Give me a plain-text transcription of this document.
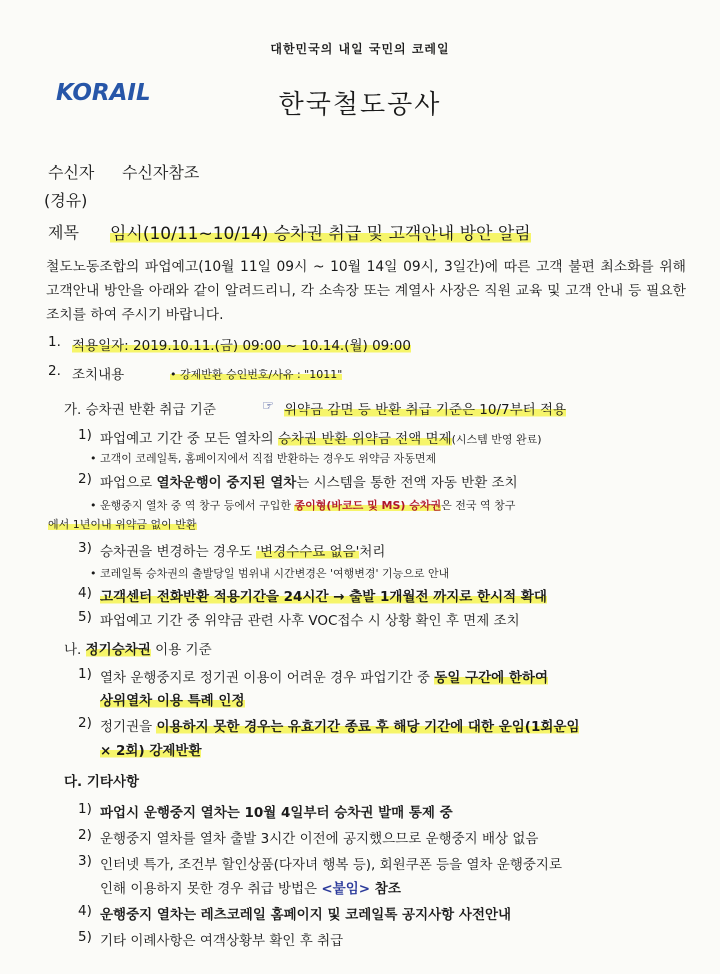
대한민국의 내일 국민의 코레일
KORAIL	한국철도공사
수신자 수신자참조
(경유)
제목 임시(10/11~10/14) 승차권 취급 및 고객안내 방안 알림
철도노동조합의 파업예고(10월 11일 09시 ~ 10월 14일 09시, 3일간)에 따른 고객 불편 최소화를 위해 고객안내 방안을 아래와 같이 알려드리니, 각 소속장 또는 계열사 사장은 직원 교육 및 고객 안내 등 필요한 조치를 하여 주시기 바랍니다.
1. 적용일자: 2019.10.11.(금) 09:00 ~ 10.14.(월) 09:00
2. 조치내용	• 강제반환 승인번호/사유 : "1011"
가. 승차권 반환 취급 기준	☞ 위약금 감면 등 반환 취급 기준은 10/7부터 적용
1) 파업예고 기간 중 모든 열차의 승차권 반환 위약금 전액 면제(시스템 반영 완료)
• 고객이 코레일톡, 홈페이지에서 직접 반환하는 경우도 위약금 자동면제
2) 파업으로 열차운행이 중지된 열차는 시스템을 통한 전액 자동 반환 조치
• 운행중지 열차 중 역 창구 등에서 구입한 종이형(바코드 및 MS) 승차권은 전국 역 창구
에서 1년이내 위약금 없이 반환
3) 승차권을 변경하는 경우도 '변경수수료 없음'처리
• 코레일톡 승차권의 출발당일 범위내 시간변경은 '여행변경' 기능으로 안내
4) 고객센터 전화반환 적용기간을 24시간 → 출발 1개월전 까지로 한시적 확대
5) 파업예고 기간 중 위약금 관련 사후 VOC접수 시 상황 확인 후 면제 조치
나. 정기승차권 이용 기준
1) 열차 운행중지로 정기권 이용이 어려운 경우 파업기간 중 동일 구간에 한하여
상위열차 이용 특례 인정
2) 정기권을 이용하지 못한 경우는 유효기간 종료 후 해당 기간에 대한 운임(1회운임
× 2회) 강제반환
다. 기타사항
1) 파업시 운행중지 열차는 10월 4일부터 승차권 발매 통제 중
2) 운행중지 열차를 열차 출발 3시간 이전에 공지했으므로 운행중지 배상 없음
3) 인터넷 특가, 조건부 할인상품(다자녀 행복 등), 회원쿠폰 등을 열차 운행중지로
인해 이용하지 못한 경우 취급 방법은 <붙임> 참조
4) 운행중지 열차는 레츠코레일 홈페이지 및 코레일톡 공지사항 사전안내
5) 기타 이례사항은 여객상황부 확인 후 취급
